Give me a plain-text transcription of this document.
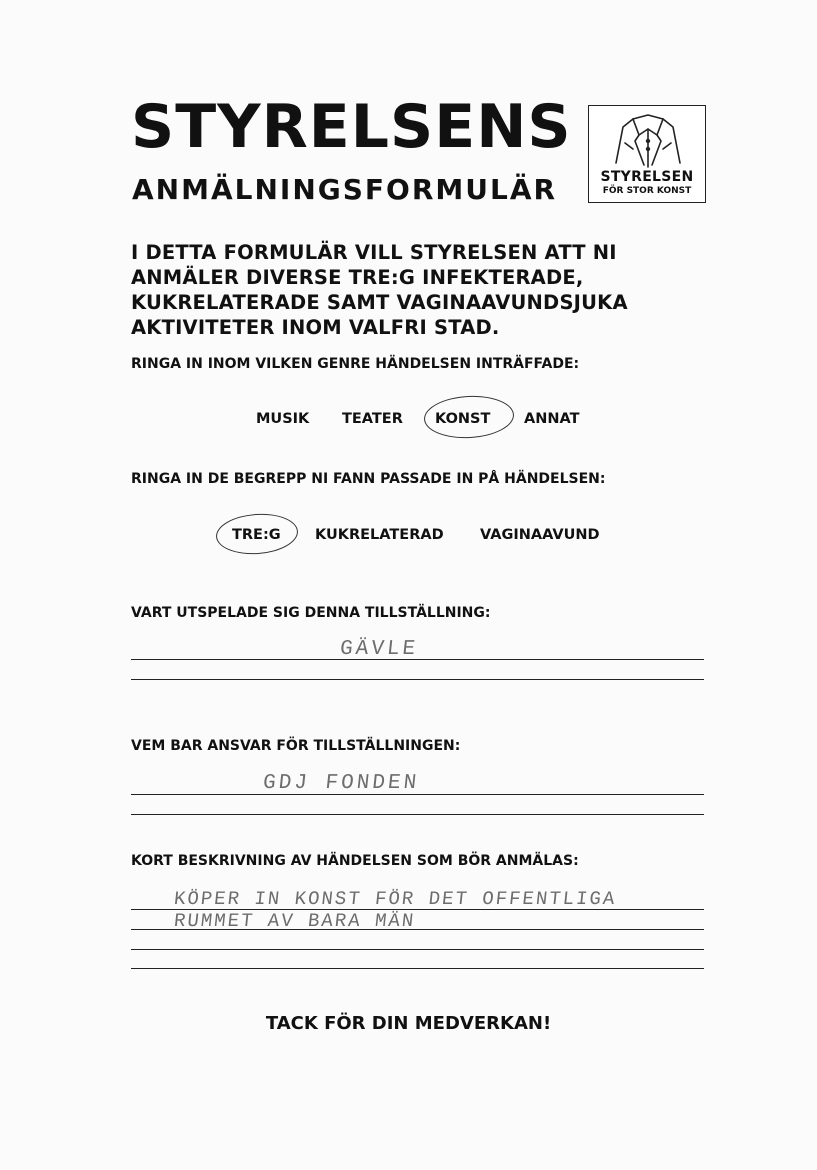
STYRELSENS
ANMÄLNINGSFORMULÄR	STYRELSEN
FÖR STOR KONST
I DETTA FORMULÄR VILL STYRELSEN ATT NI ANMÄLER DIVERSE TRE:G INFEKTERADE, KUKRELATERADE SAMT VAGINAAVUNDSJUKA AKTIVITETER INOM VALFRI STAD.
RINGA IN INOM VILKEN GENRE HÄNDELSEN INTRÄFFADE:
MUSIK TEATER KONST ANNAT
RINGA IN DE BEGREPP NI FANN PASSADE IN PÅ HÄNDELSEN:
TRE:G KUKRELATERAD	VAGINAAVUND
VART UTSPELADE SIG DENNA TILLSTÄLLNING:
GÄVLE
VEM BAR ANSVAR FÖR TILLSTÄLLNINGEN:
GDJ FONDEN
KORT BESKRIVNING AV HÄNDELSEN SOM BÖR ANMÄLAS:
KÖPER IN KONST FÖR DET OFFENTLIGA
RUMMET AV BARA MÄN
TACK FÖR DIN MEDVERKAN!
